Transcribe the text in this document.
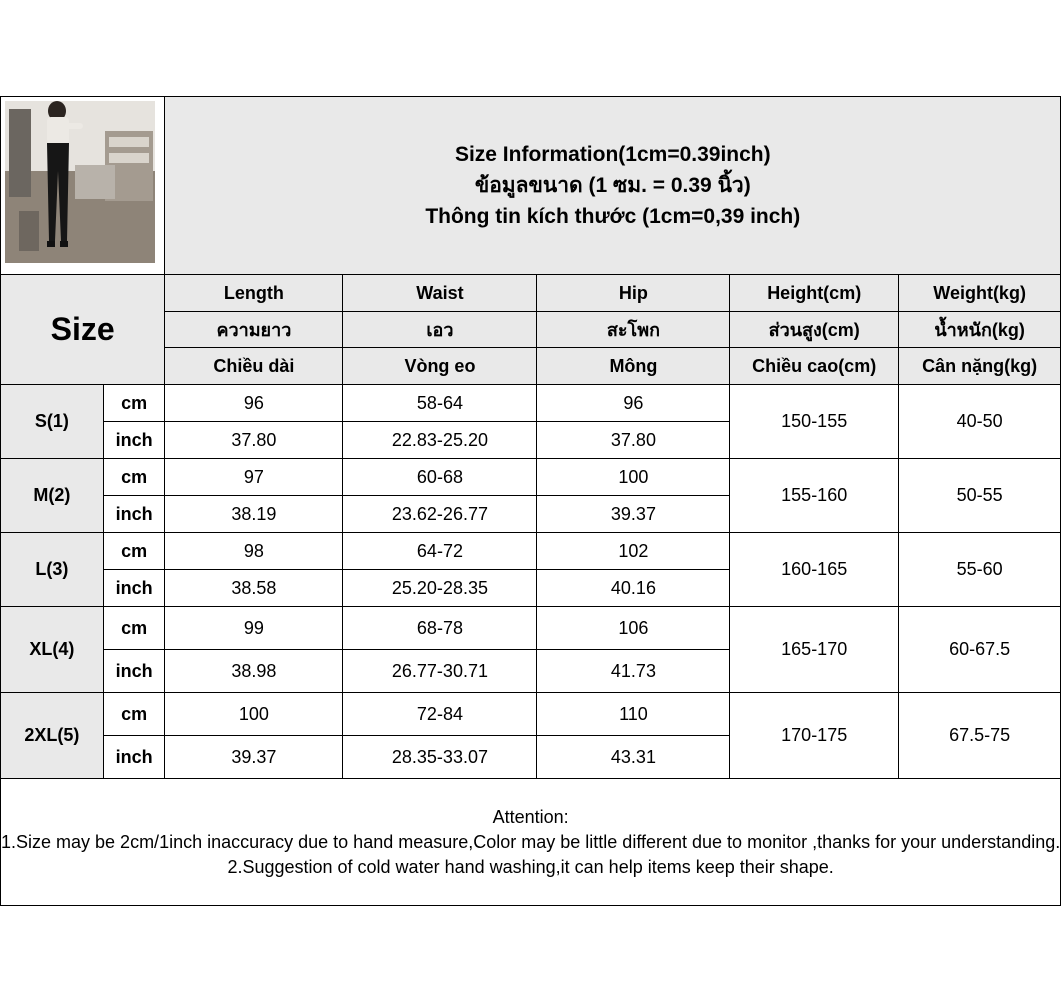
Size Information(1cm=0.39inch)
ข้อมูลขนาด (1 ซม. = 0.39 นิ้ว)
Thông tin kích thước (1cm=0,39 inch)				

Size		Length	Waist	Hip	Height(cm)	Weight(kg)
		ความยาว	เอว	สะโพก	ส่วนสูง(cm)	น้ำหนัก(kg)
		Chiều dài	Vòng eo	Mông	Chiều cao(cm)	Cân nặng(kg)
S(1)	cm	96	58-64	96	150-155	40-50
	inch	37.80	22.83-25.20	37.80		
M(2)	cm	97	60-68	100	155-160	50-55
	inch	38.19	23.62-26.77	39.37		
L(3)	cm	98	64-72	102	160-165	55-60
	inch	38.58	25.20-28.35	40.16		
XL(4)	cm	99	68-78	106	165-170	60-67.5
	inch	38.98	26.77-30.71	41.73		
2XL(5)	cm	100	72-84	110	170-175	67.5-75
	inch	39.37	28.35-33.07	43.31		

Attention:
1.Size may be 2cm/1inch inaccuracy due to hand measure,Color may be little different due to monitor ,thanks for your understanding.
2.Suggestion of cold water hand washing,it can help items keep their shape.						
